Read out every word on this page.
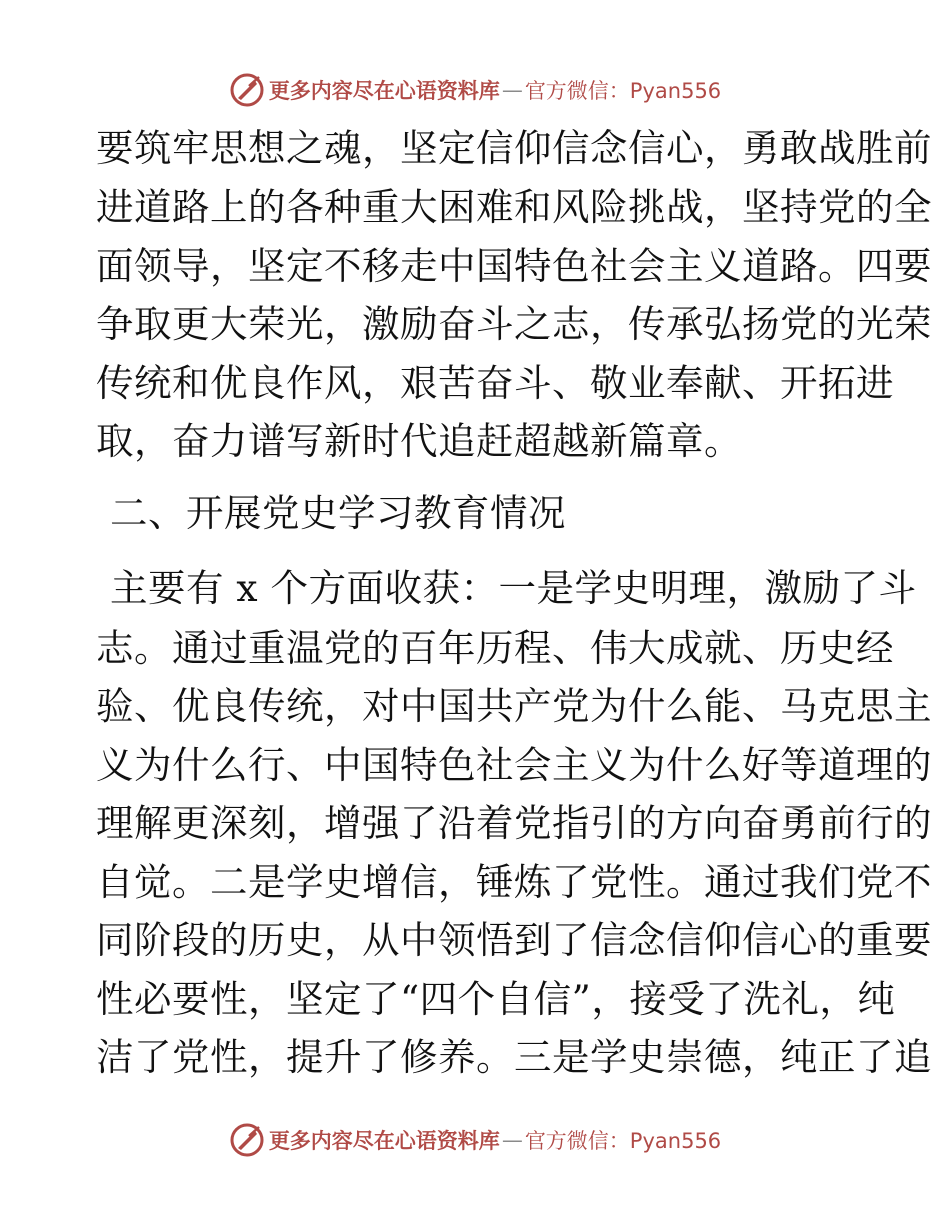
更多内容尽在心语资料库 — 官方微信：Pyan556
要筑牢思想之魂，坚定信仰信念信心，勇敢战胜前
进道路上的各种重大困难和风险挑战，坚持党的全
面领导，坚定不移走中国特色社会主义道路。四要
争取更大荣光，激励奋斗之志，传承弘扬党的光荣
传统和优良作风，艰苦奋斗、敬业奉献、开拓进
取，奋力谱写新时代追赶超越新篇章。
二、开展党史学习教育情况
主要有 x 个方面收获：一是学史明理，激励了斗
志。通过重温党的百年历程、伟大成就、历史经
验、优良传统，对中国共产党为什么能、马克思主
义为什么行、中国特色社会主义为什么好等道理的
理解更深刻，增强了沿着党指引的方向奋勇前行的
自觉。二是学史增信，锤炼了党性。通过我们党不
同阶段的历史，从中领悟到了信念信仰信心的重要
性必要性，坚定了“四个自信”，接受了洗礼，纯
洁了党性，提升了修养。三是学史崇德，纯正了追
更多内容尽在心语资料库 — 官方微信：Pyan556
